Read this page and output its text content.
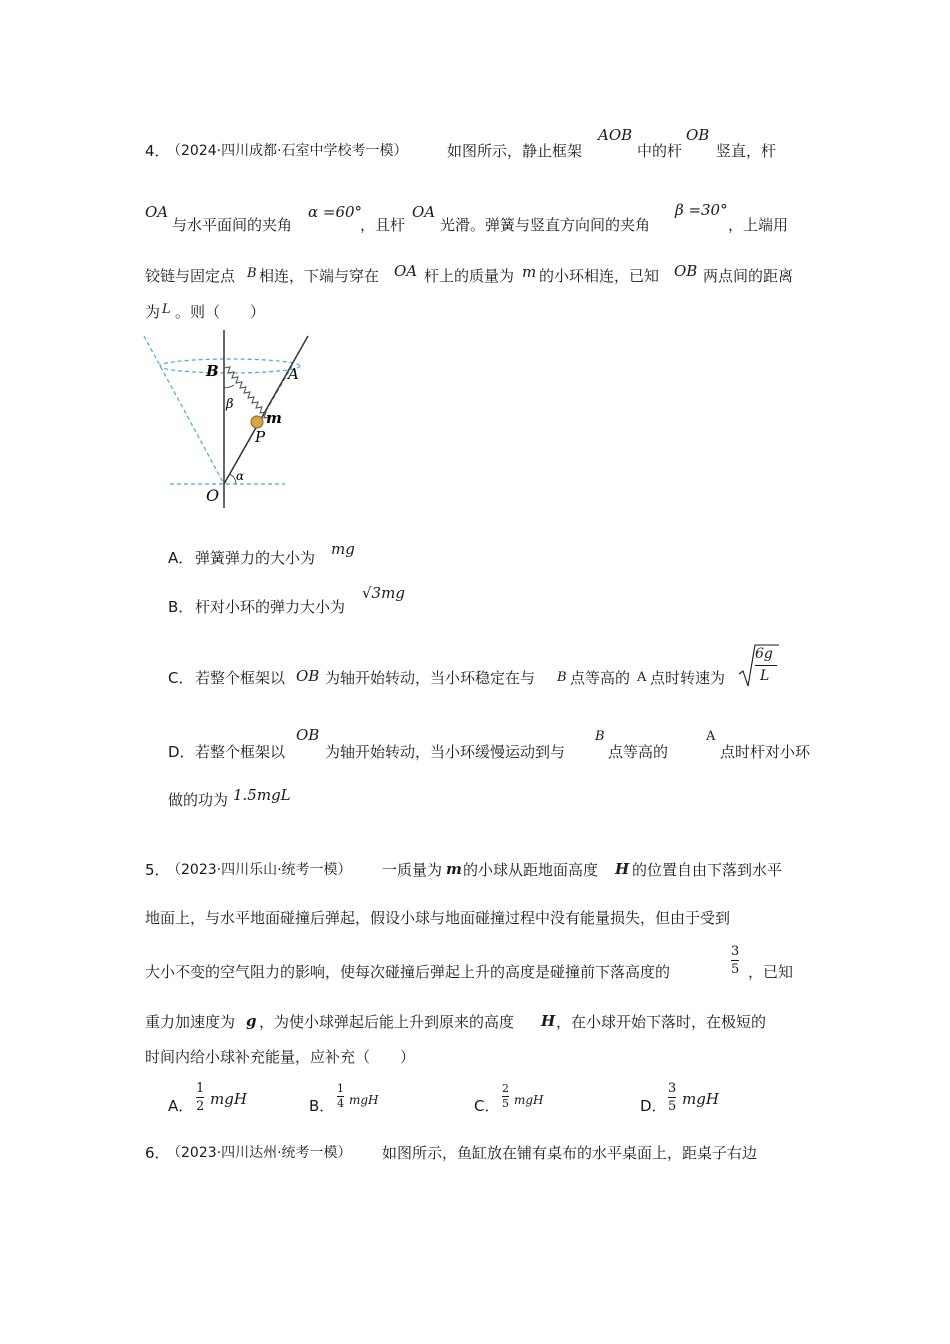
4．
（2024·四川成都·石室中学校考一模）	如图所示，静止框架
AOB
中的杆
OB
竖直，杆
OA
与水平面间的夹角
α =60°
，且杆
OA
光滑。弹簧与竖直方向间的夹角
β =30°
，上端用
铰链与固定点 B 相连，下端与穿在 OA 杆上的质量为 m 的小环相连，已知 OB 两点间的距离
为 L 。则（　　）
B	A
β
m
P
α
O
A． 弹簧弹力的大小为 mg
B． 杆对小环的弹力大小为
√3mg
C． 若整个框架以 OB 为轴开始转动，当小环稳定在与 B 点等高的 A 点时转速为
6g
L
D． 若整个框架以
OB
为轴开始转动，当小环缓慢运动到与
B
点等高的
A
点时杆对小环
做的功为 1.5mgL
5．
（2023·四川乐山·统考一模） 一质量为 m 的小球从距地面高度 H 的位置自由下落到水平
地面上，与水平地面碰撞后弹起，假设小球与地面碰撞过程中没有能量损失，但由于受到
大小不变的空气阻力的影响，使每次碰撞后弹起上升的高度是碰撞前下落高度的
3
5 ，已知
重力加速度为 g ，为使小球弹起后能上升到原来的高度 H ，在小球开始下落时，在极短的
时间内给小球补充能量，应补充（　　）
A．
1
2 mgH	B．
1
4 mgH	C．
2
5 mgH	D．
3
5 mgH
6．
（2023·四川达州·统考一模） 如图所示，鱼缸放在铺有桌布的水平桌面上，距桌子右边
